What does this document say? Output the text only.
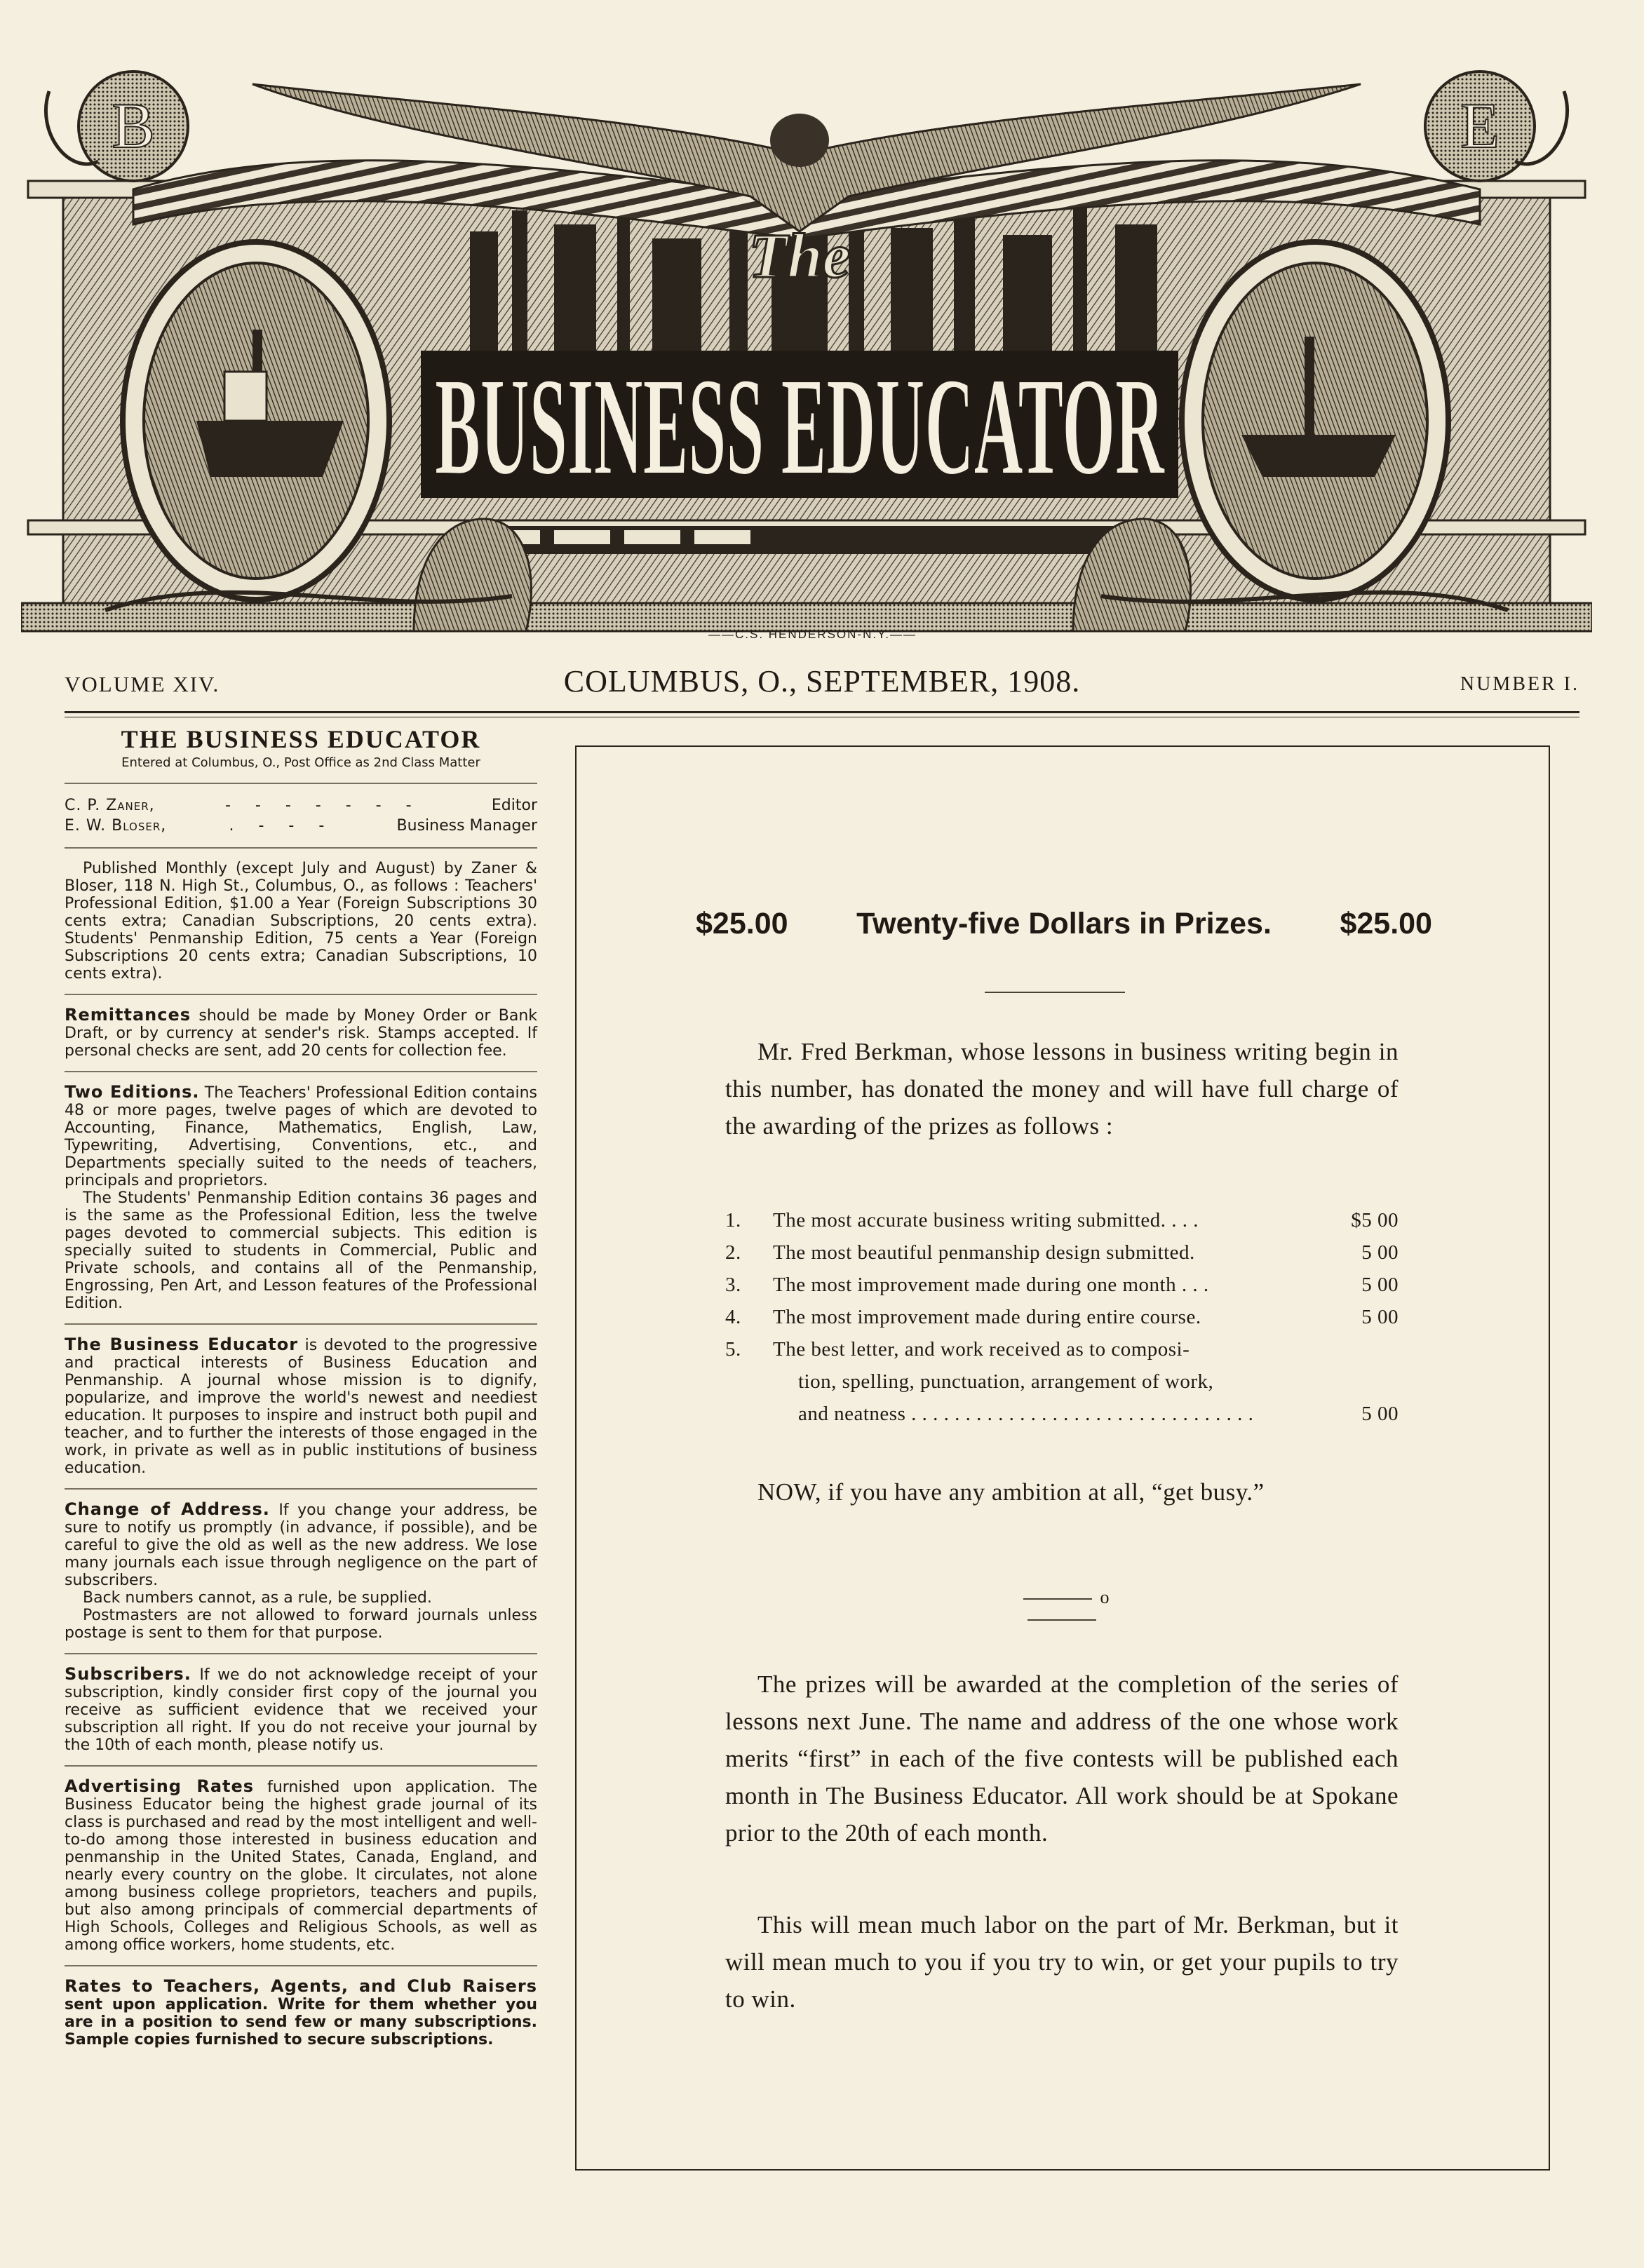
B	E
The
BUSINESS EDUCATOR
——C.S. HENDERSON-N.Y.——
VOLUME XIV.	COLUMBUS, O., SEPTEMBER, 1908.	NUMBER I.
THE BUSINESS EDUCATOR
Entered at Columbus, O., Post Office as 2nd Class Matter
C. P. Zaner,	- - - - - - -	Editor
E. W. Bloser,	. - - -	Business Manager

Published Monthly (except July and August) by Zaner & Bloser, 118 N. High St., Columbus, O., as follows : Teachers' Professional Edition, $1.00 a Year (Foreign Subscriptions 30 cents extra; Canadian Subscriptions, 20 cents extra). Students' Penmanship Edition, 75 cents a Year (Foreign Subscriptions 20 cents extra; Canadian Subscriptions, 10 cents extra).

Remittances should be made by Money Order or Bank Draft, or by currency at sender's risk. Stamps accepted. If personal checks are sent, add 20 cents for collection fee.

Two Editions. The Teachers' Professional Edition contains 48 or more pages, twelve pages of which are devoted to Accounting, Finance, Mathematics, English, Law, Typewriting, Advertising, Conventions, etc., and Departments specially suited to the needs of teachers, principals and proprietors.

The Students' Penmanship Edition contains 36 pages and is the same as the Professional Edition, less the twelve pages devoted to commercial subjects. This edition is specially suited to students in Commercial, Public and Private schools, and contains all of the Penmanship, Engrossing, Pen Art, and Lesson features of the Professional Edition.

The Business Educator is devoted to the progressive and practical interests of Business Education and Penmanship. A journal whose mission is to dignify, popularize, and improve the world's newest and neediest education. It purposes to inspire and instruct both pupil and teacher, and to further the interests of those engaged in the work, in private as well as in public institutions of business education.

Change of Address. If you change your address, be sure to notify us promptly (in advance, if possible), and be careful to give the old as well as the new address. We lose many journals each issue through negligence on the part of subscribers.

Back numbers cannot, as a rule, be supplied.

Postmasters are not allowed to forward journals unless postage is sent to them for that purpose.

Subscribers. If we do not acknowledge receipt of your subscription, kindly consider first copy of the journal you receive as sufficient evidence that we received your subscription all right. If you do not receive your journal by the 10th of each month, please notify us.

Advertising Rates furnished upon application. The Business Educator being the highest grade journal of its class is purchased and read by the most intelligent and well-to-do among those interested in business education and penmanship in the United States, Canada, England, and nearly every country on the globe. It circulates, not alone among business college proprietors, teachers and pupils, but also among principals of commercial departments of High Schools, Colleges and Religious Schools, as well as among office workers, home students, etc.

Rates to Teachers, Agents, and Club Raisers sent upon application. Write for them whether you are in a position to send few or many subscriptions. Sample copies furnished to secure subscriptions.

$25.00 Twenty-five Dollars in Prizes. $25.00

Mr. Fred Berkman, whose lessons in business writing begin in this number, has donated the money and will have full charge of the awarding of the prizes as follows :

1.	The most accurate business writing submitted. . . .	$5 00
2.	The most beautiful penmanship design submitted.	5 00
3.	The most improvement made during one month . . .	5 00
4.	The most improvement made during entire course.	5 00
5.	The best letter, and work received as to composi-
tion, spelling, punctuation, arrangement of work,
and neatness . . . . . . . . . . . . . . . . . . . . . . . . . . . . . . . .	5 00

NOW, if you have any ambition at all, “get busy.”

o

The prizes will be awarded at the completion of the series of lessons next June. The name and address of the one whose work merits “first” in each of the five contests will be published each month in The Business Educator. All work should be at Spokane prior to the 20th of each month.

This will mean much labor on the part of Mr. Berkman, but it will mean much to you if you try to win, or get your pupils to try to win.
